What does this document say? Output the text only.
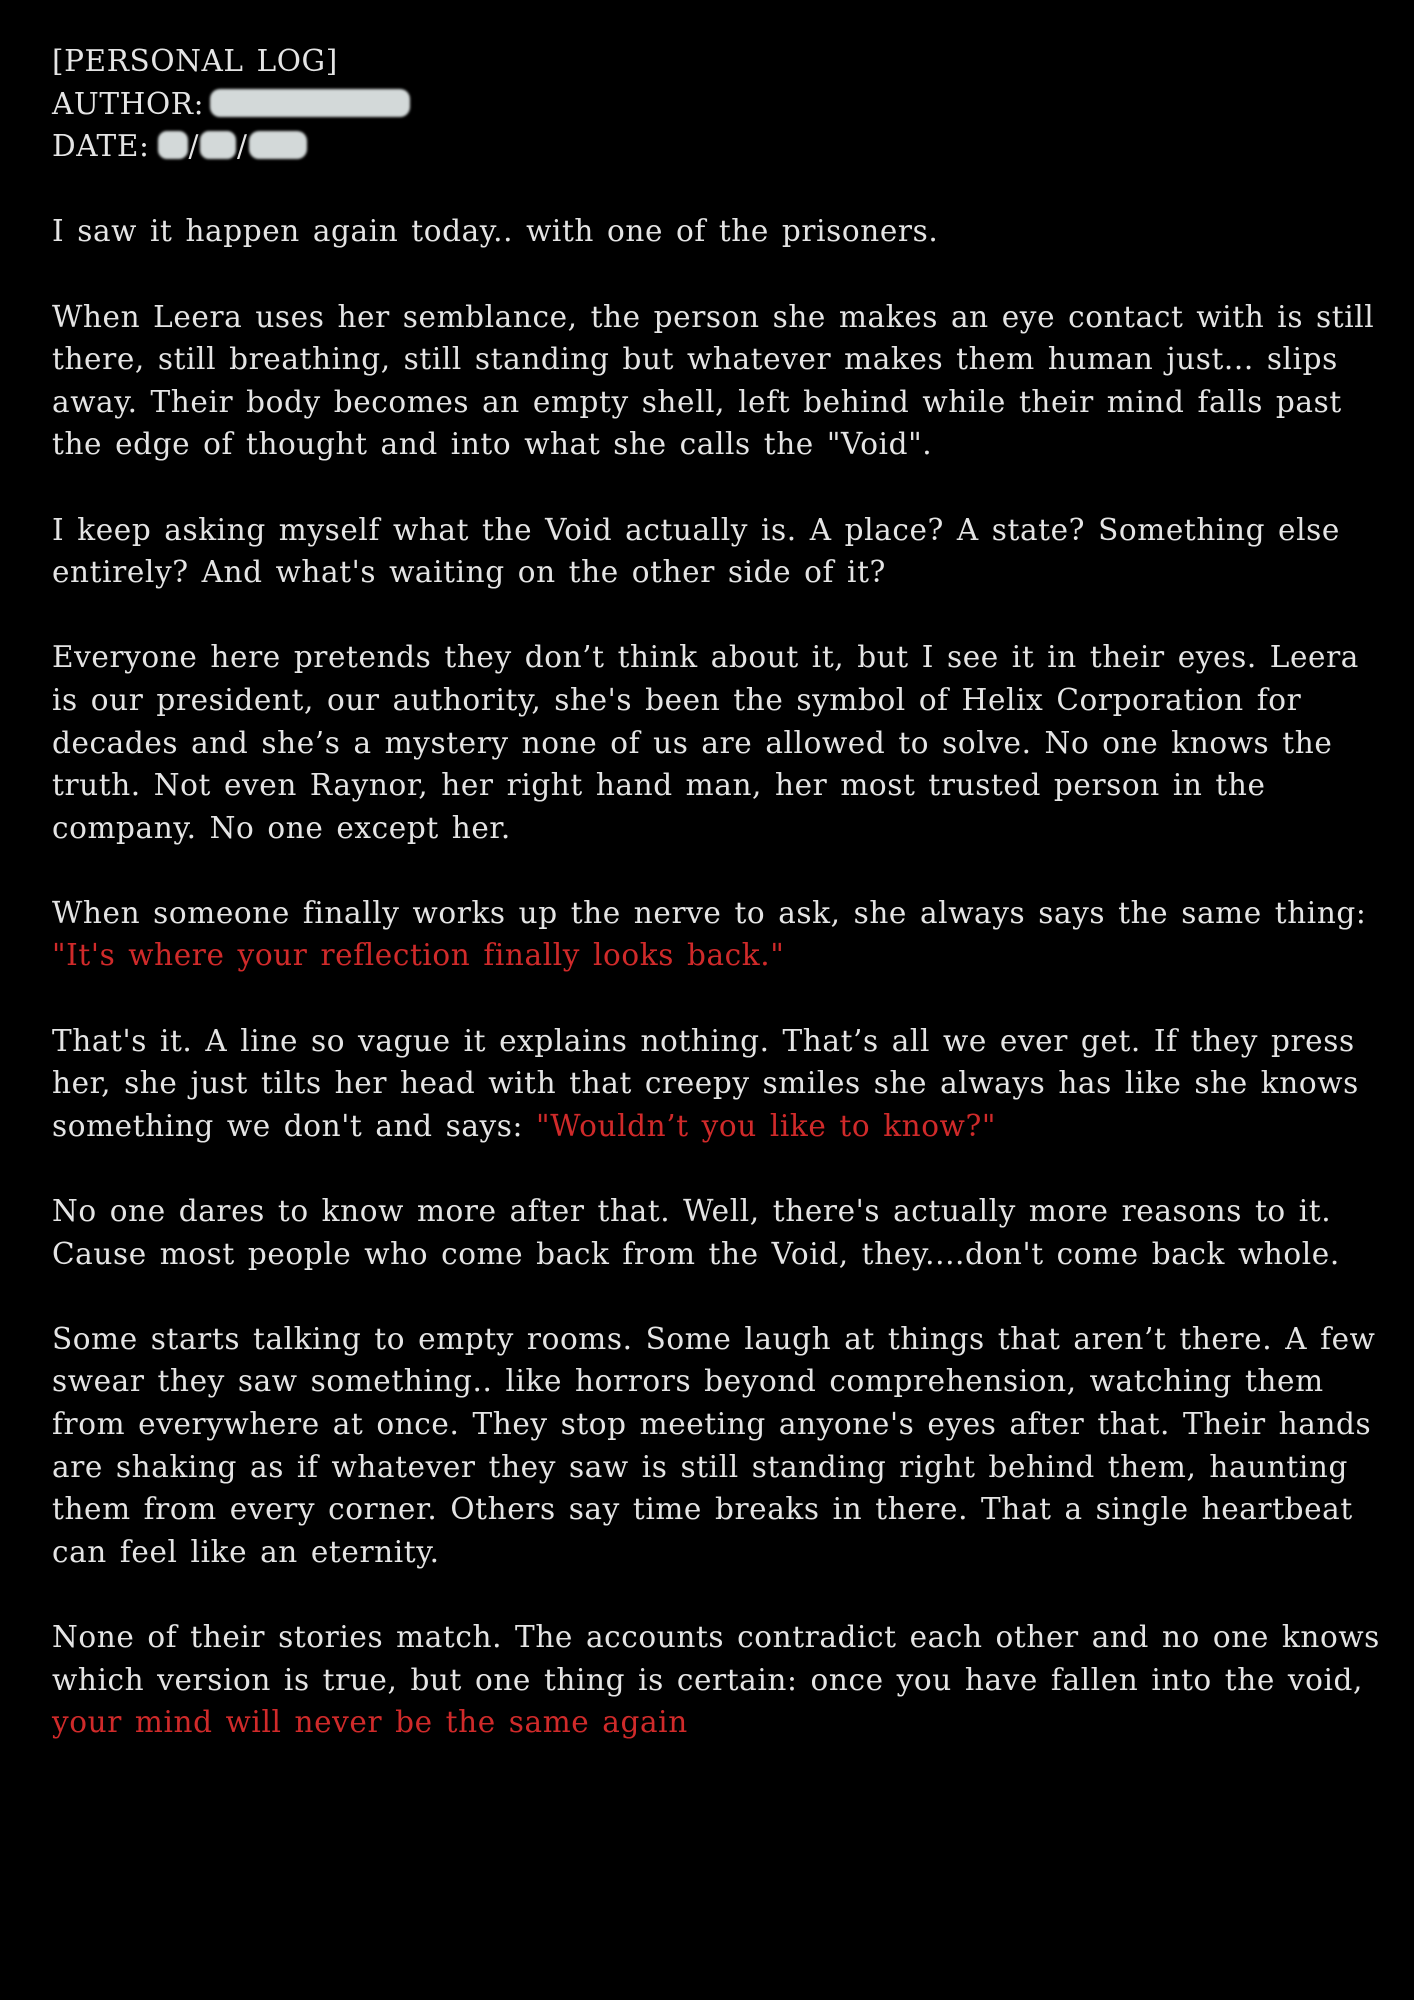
[PERSONAL LOG]
AUTHOR:
DATE: / /

I saw it happen again today.. with one of the prisoners.

When Leera uses her semblance, the person she makes an eye contact with is still there, still breathing, still standing but whatever makes them human just... slips away. Their body becomes an empty shell, left behind while their mind falls past the edge of thought and into what she calls the "Void".

I keep asking myself what the Void actually is. A place? A state? Something else entirely? And what's waiting on the other side of it?

Everyone here pretends they don’t think about it, but I see it in their eyes. Leera is our president, our authority, she's been the symbol of Helix Corporation for decades and she’s a mystery none of us are allowed to solve. No one knows the truth. Not even Raynor, her right hand man, her most trusted person in the company. No one except her.

When someone finally works up the nerve to ask, she always says the same thing: "It's where your reflection finally looks back."

That's it. A line so vague it explains nothing. That’s all we ever get. If they press her, she just tilts her head with that creepy smiles she always has like she knows something we don't and says: "Wouldn’t you like to know?"

No one dares to know more after that. Well, there's actually more reasons to it. Cause most people who come back from the Void, they....don't come back whole.

Some starts talking to empty rooms. Some laugh at things that aren’t there. A few swear they saw something.. like horrors beyond comprehension, watching them from everywhere at once. They stop meeting anyone's eyes after that. Their hands are shaking as if whatever they saw is still standing right behind them, haunting them from every corner. Others say time breaks in there. That a single heartbeat can feel like an eternity.

None of their stories match. The accounts contradict each other and no one knows which version is true, but one thing is certain: once you have fallen into the void, your mind will never be the same again
